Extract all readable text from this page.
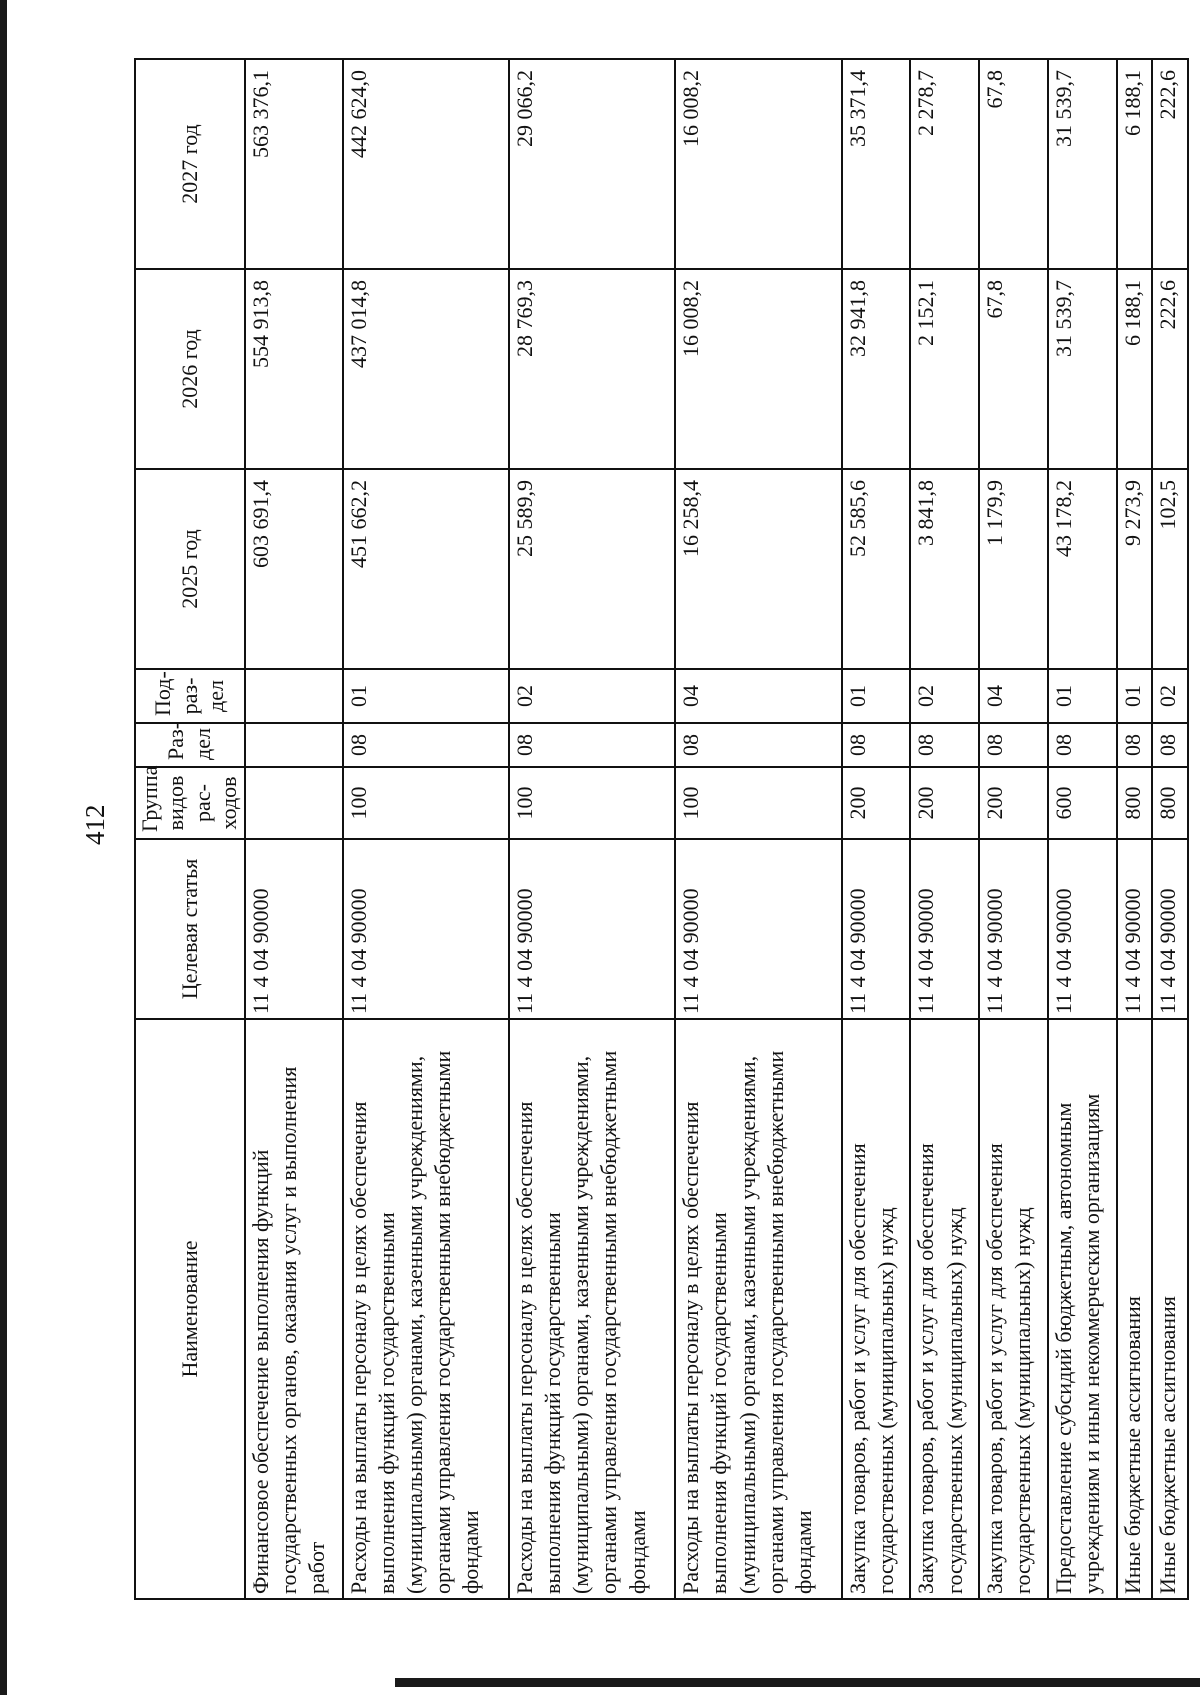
412
Наименование	Целевая статья	Группа видов рас-ходов	Раз-дел	Под-раз-дел	2025 год	2026 год	2027 год
Финансовое обеспечение выполнения функций государственных органов, оказания услуг и выполнения работ	11 4 04 90000				603 691,4	554 913,8	563 376,1
Расходы на выплаты персоналу в целях обеспечения выполнения функций государственными (муниципальными) органами, казенными учреждениями, органами управления государственными внебюджетными фондами	11 4 04 90000	100	08	01	451 662,2	437 014,8	442 624,0
Расходы на выплаты персоналу в целях обеспечения выполнения функций государственными (муниципальными) органами, казенными учреждениями, органами управления государственными внебюджетными фондами	11 4 04 90000	100	08	02	25 589,9	28 769,3	29 066,2
Расходы на выплаты персоналу в целях обеспечения выполнения функций государственными (муниципальными) органами, казенными учреждениями, органами управления государственными внебюджетными фондами	11 4 04 90000	100	08	04	16 258,4	16 008,2	16 008,2
Закупка товаров, работ и услуг для обеспечения государственных (муниципальных) нужд	11 4 04 90000	200	08	01	52 585,6	32 941,8	35 371,4
Закупка товаров, работ и услуг для обеспечения государственных (муниципальных) нужд	11 4 04 90000	200	08	02	3 841,8	2 152,1	2 278,7
Закупка товаров, работ и услуг для обеспечения государственных (муниципальных) нужд	11 4 04 90000	200	08	04	1 179,9	67,8	67,8
Предоставление субсидий бюджетным, автономным учреждениям и иным некоммерческим организациям	11 4 04 90000	600	08	01	43 178,2	31 539,7	31 539,7
Иные бюджетные ассигнования	11 4 04 90000	800	08	01	9 273,9	6 188,1	6 188,1
Иные бюджетные ассигнования	11 4 04 90000	800	08	02	102,5	222,6	222,6
